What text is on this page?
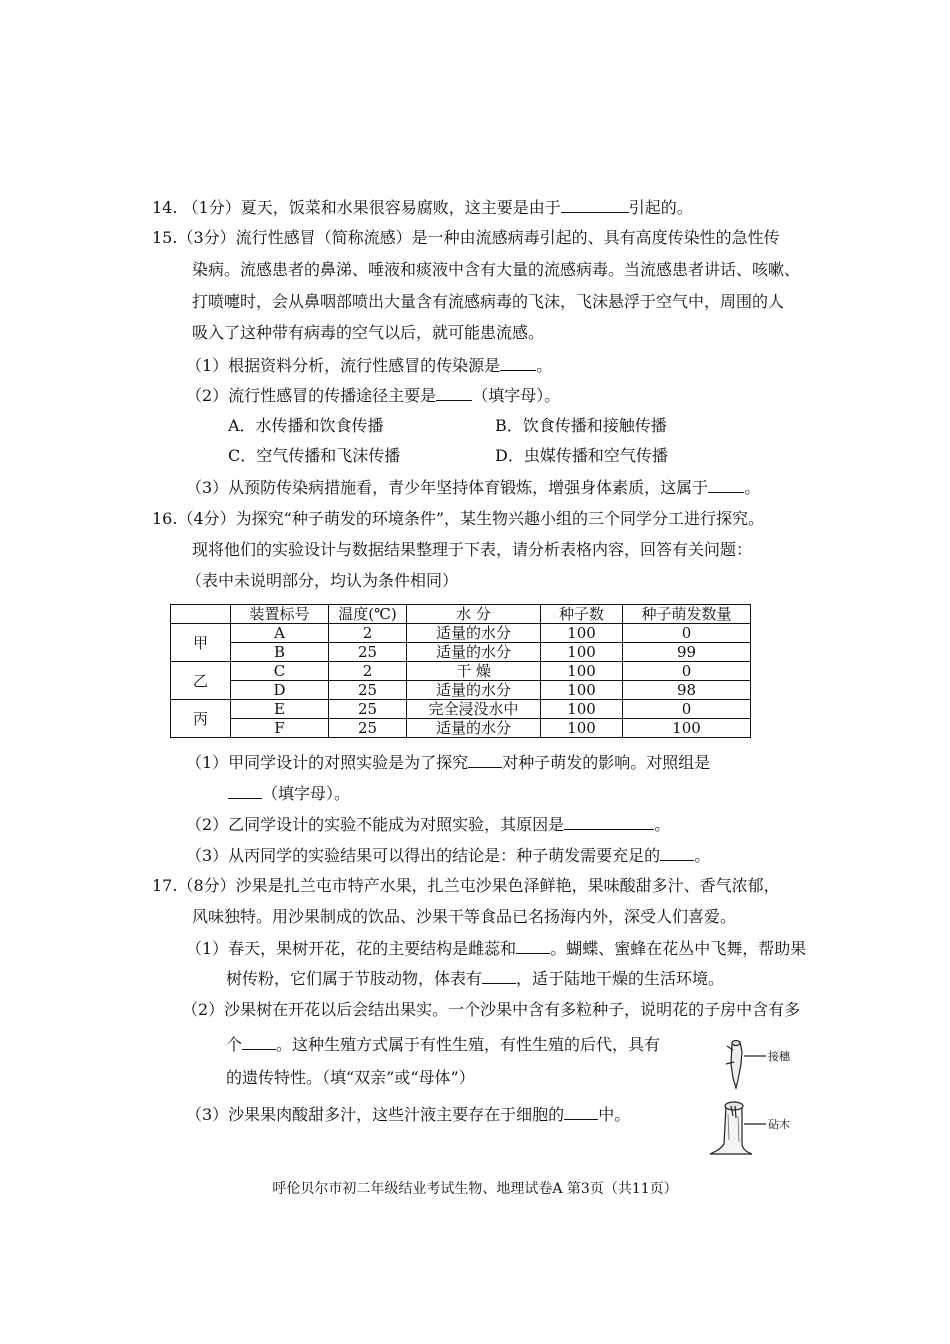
14. （1分）夏天，饭菜和水果很容易腐败，这主要是由于	引起的。
15.（3分）流行性感冒（简称流感）是一种由流感病毒引起的、具有高度传染性的急性传
染病。流感患者的鼻涕、唾液和痰液中含有大量的流感病毒。当流感患者讲话、咳嗽、
打喷嚏时，会从鼻咽部喷出大量含有流感病毒的飞沫，飞沫悬浮于空气中，周围的人
吸入了这种带有病毒的空气以后，就可能患流感。
（1）根据资料分析，流行性感冒的传染源是 。
（2）流行性感冒的传播途径主要是 （填字母）。
A．水传播和饮食传播	B．饮食传播和接触传播
C．空气传播和飞沫传播	D．虫媒传播和空气传播
（3）从预防传染病措施看，青少年坚持体育锻炼，增强身体素质，这属于 。
16.（4分）为探究“种子萌发的环境条件”，某生物兴趣小组的三个同学分工进行探究。
现将他们的实验设计与数据结果整理于下表，请分析表格内容，回答有关问题：
（表中未说明部分，均认为条件相同）
	装置标号	温度(℃)	水 分	种子数	种子萌发数量
甲	A	2	适量的水分	100	0
	B	25	适量的水分	100	99
乙	C	2	干 燥	100	0
	D	25	适量的水分	100	98
丙	E	25	完全浸没水中	100	0
	F	25	适量的水分	100	100
（1）甲同学设计的对照实验是为了探究 对种子萌发的影响。对照组是
（填字母）。
（2）乙同学设计的实验不能成为对照实验，其原因是	。
（3）从丙同学的实验结果可以得出的结论是：种子萌发需要充足的 。
17.（8分）沙果是扎兰屯市特产水果，扎兰屯沙果色泽鲜艳，果味酸甜多汁、香气浓郁，
风味独特。用沙果制成的饮品、沙果干等食品已名扬海内外，深受人们喜爱。
（1）春天，果树开花，花的主要结构是雌蕊和 。蝴蝶、蜜蜂在花丛中飞舞，帮助果
树传粉，它们属于节肢动物，体表有 ，适于陆地干燥的生活环境。
（2）沙果树在开花以后会结出果实。一个沙果中含有多粒种子，说明花的子房中含有多
个 。这种生殖方式属于有性生殖，有性生殖的后代，具有
的遗传特性。（填“双亲”或“母体”）
（3）沙果果肉酸甜多汁，这些汁液主要存在于细胞的 中。
接穗
砧木
呼伦贝尔市初二年级结业考试生物、地理试卷A 第3页（共11页）
